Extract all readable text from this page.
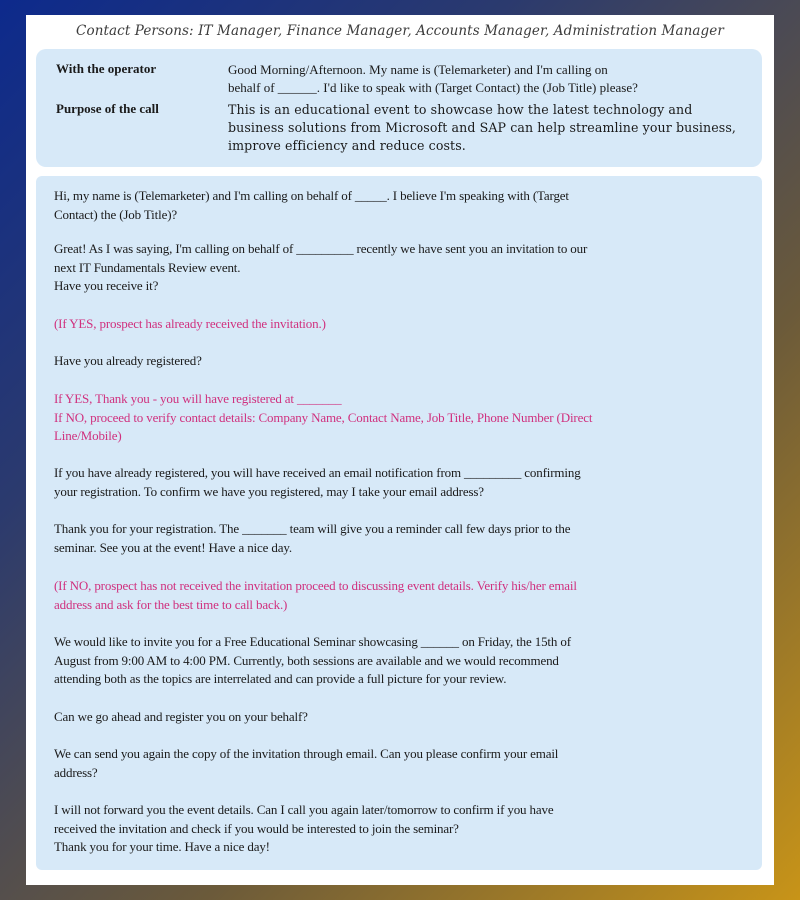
Contact Persons: IT Manager, Finance Manager, Accounts Manager, Administration Manager
With the operator	Good Morning/Afternoon. My name is (Telemarketer) and I'm calling on
behalf of ______. I'd like to speak with (Target Contact) the (Job Title) please?
Purpose of the call	This is an educational event to showcase how the latest technology and
business solutions from Microsoft and SAP can help streamline your business,
improve efficiency and reduce costs.
Hi, my name is (Telemarketer) and I'm calling on behalf of _____. I believe I'm speaking with (Target
Contact) the (Job Title)?
Great! As I was saying, I'm calling on behalf of _________ recently we have sent you an invitation to our
next IT Fundamentals Review event.
Have you receive it?
(If YES, prospect has already received the invitation.)
Have you already registered?
If YES, Thank you - you will have registered at _______
If NO, proceed to verify contact details: Company Name, Contact Name, Job Title, Phone Number (Direct
Line/Mobile)
If you have already registered, you will have received an email notification from _________ confirming
your registration. To confirm we have you registered, may I take your email address?
Thank you for your registration. The _______ team will give you a reminder call few days prior to the
seminar. See you at the event! Have a nice day.
(If NO, prospect has not received the invitation proceed to discussing event details. Verify his/her email
address and ask for the best time to call back.)
We would like to invite you for a Free Educational Seminar showcasing ______ on Friday, the 15th of
August from 9:00 AM to 4:00 PM. Currently, both sessions are available and we would recommend
attending both as the topics are interrelated and can provide a full picture for your review.
Can we go ahead and register you on your behalf?
We can send you again the copy of the invitation through email. Can you please confirm your email
address?
I will not forward you the event details. Can I call you again later/tomorrow to confirm if you have
received the invitation and check if you would be interested to join the seminar?
Thank you for your time. Have a nice day!
